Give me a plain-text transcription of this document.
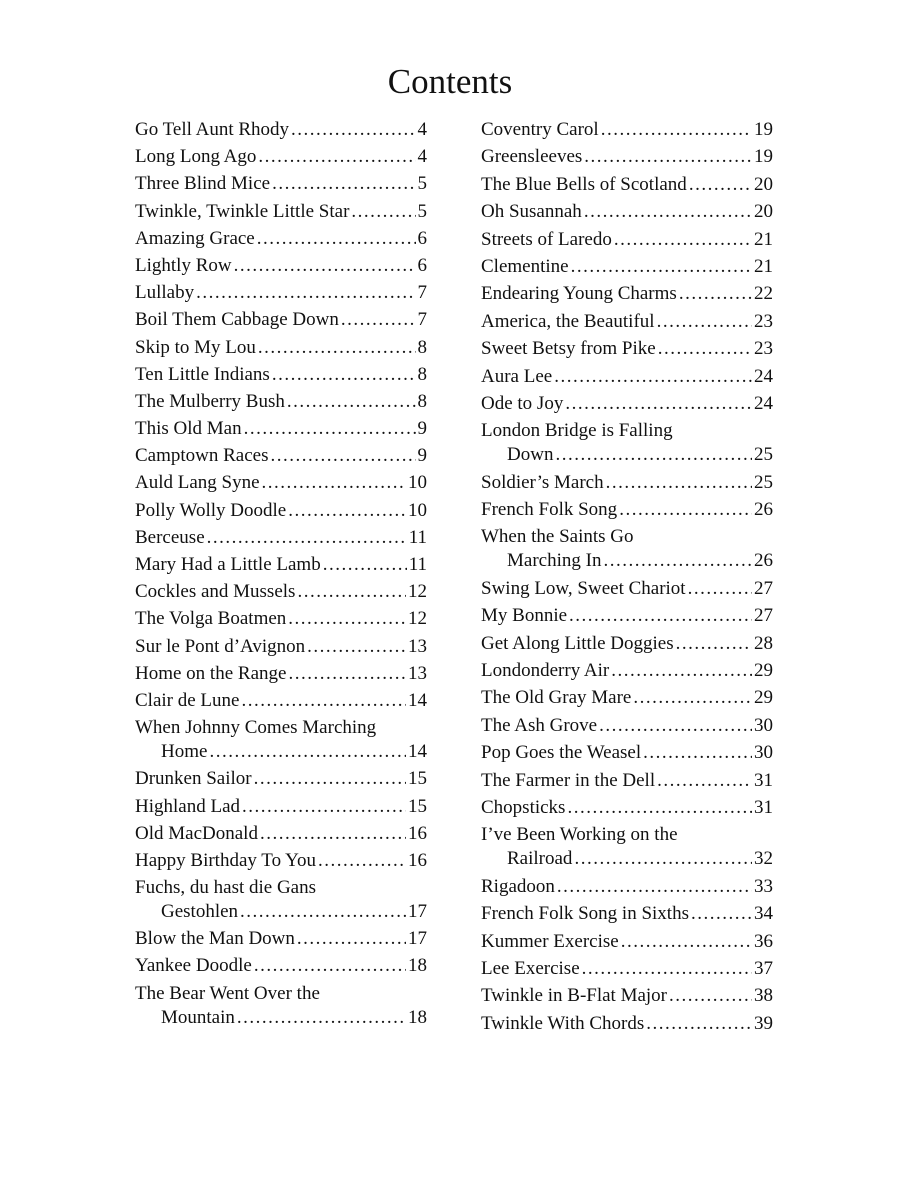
Contents
Go Tell Aunt Rhody .....	4
Long Long Ago .....	4
Three Blind Mice .....	5
Twinkle, Twinkle Little Star .....	5
Amazing Grace .....	6
Lightly Row .....	6
Lullaby .....	7
Boil Them Cabbage Down .....	7
Skip to My Lou .....	8
Ten Little Indians .....	8
The Mulberry Bush .....	8
This Old Man .....	9
Camptown Races .....	9
Auld Lang Syne .....	10
Polly Wolly Doodle .....	10
Berceuse .....	11
Mary Had a Little Lamb .....	11
Cockles and Mussels .....	12
The Volga Boatmen .....	12
Sur le Pont d’Avignon .....	13
Home on the Range .....	13
Clair de Lune .....	14
When Johnny Comes Marching
Home .....	14
Drunken Sailor .....	15
Highland Lad .....	15
Old MacDonald .....	16
Happy Birthday To You .....	16
Fuchs, du hast die Gans
Gestohlen .....	17
Blow the Man Down .....	17
Yankee Doodle .....	18
The Bear Went Over the
Mountain .....	18
Coventry Carol .....	19
Greensleeves .....	19
The Blue Bells of Scotland .....	20
Oh Susannah .....	20
Streets of Laredo .....	21
Clementine .....	21
Endearing Young Charms .....	22
America, the Beautiful .....	23
Sweet Betsy from Pike .....	23
Aura Lee .....	24
Ode to Joy .....	24
London Bridge is Falling
Down .....	25
Soldier’s March .....	25
French Folk Song .....	26
When the Saints Go
Marching In .....	26
Swing Low, Sweet Chariot .....	27
My Bonnie .....	27
Get Along Little Doggies .....	28
Londonderry Air .....	29
The Old Gray Mare .....	29
The Ash Grove .....	30
Pop Goes the Weasel .....	30
The Farmer in the Dell .....	31
Chopsticks .....	31
I’ve Been Working on the
Railroad .....	32
Rigadoon .....	33
French Folk Song in Sixths .....	34
Kummer Exercise .....	36
Lee Exercise .....	37
Twinkle in B-Flat Major .....	38
Twinkle With Chords .....	39
